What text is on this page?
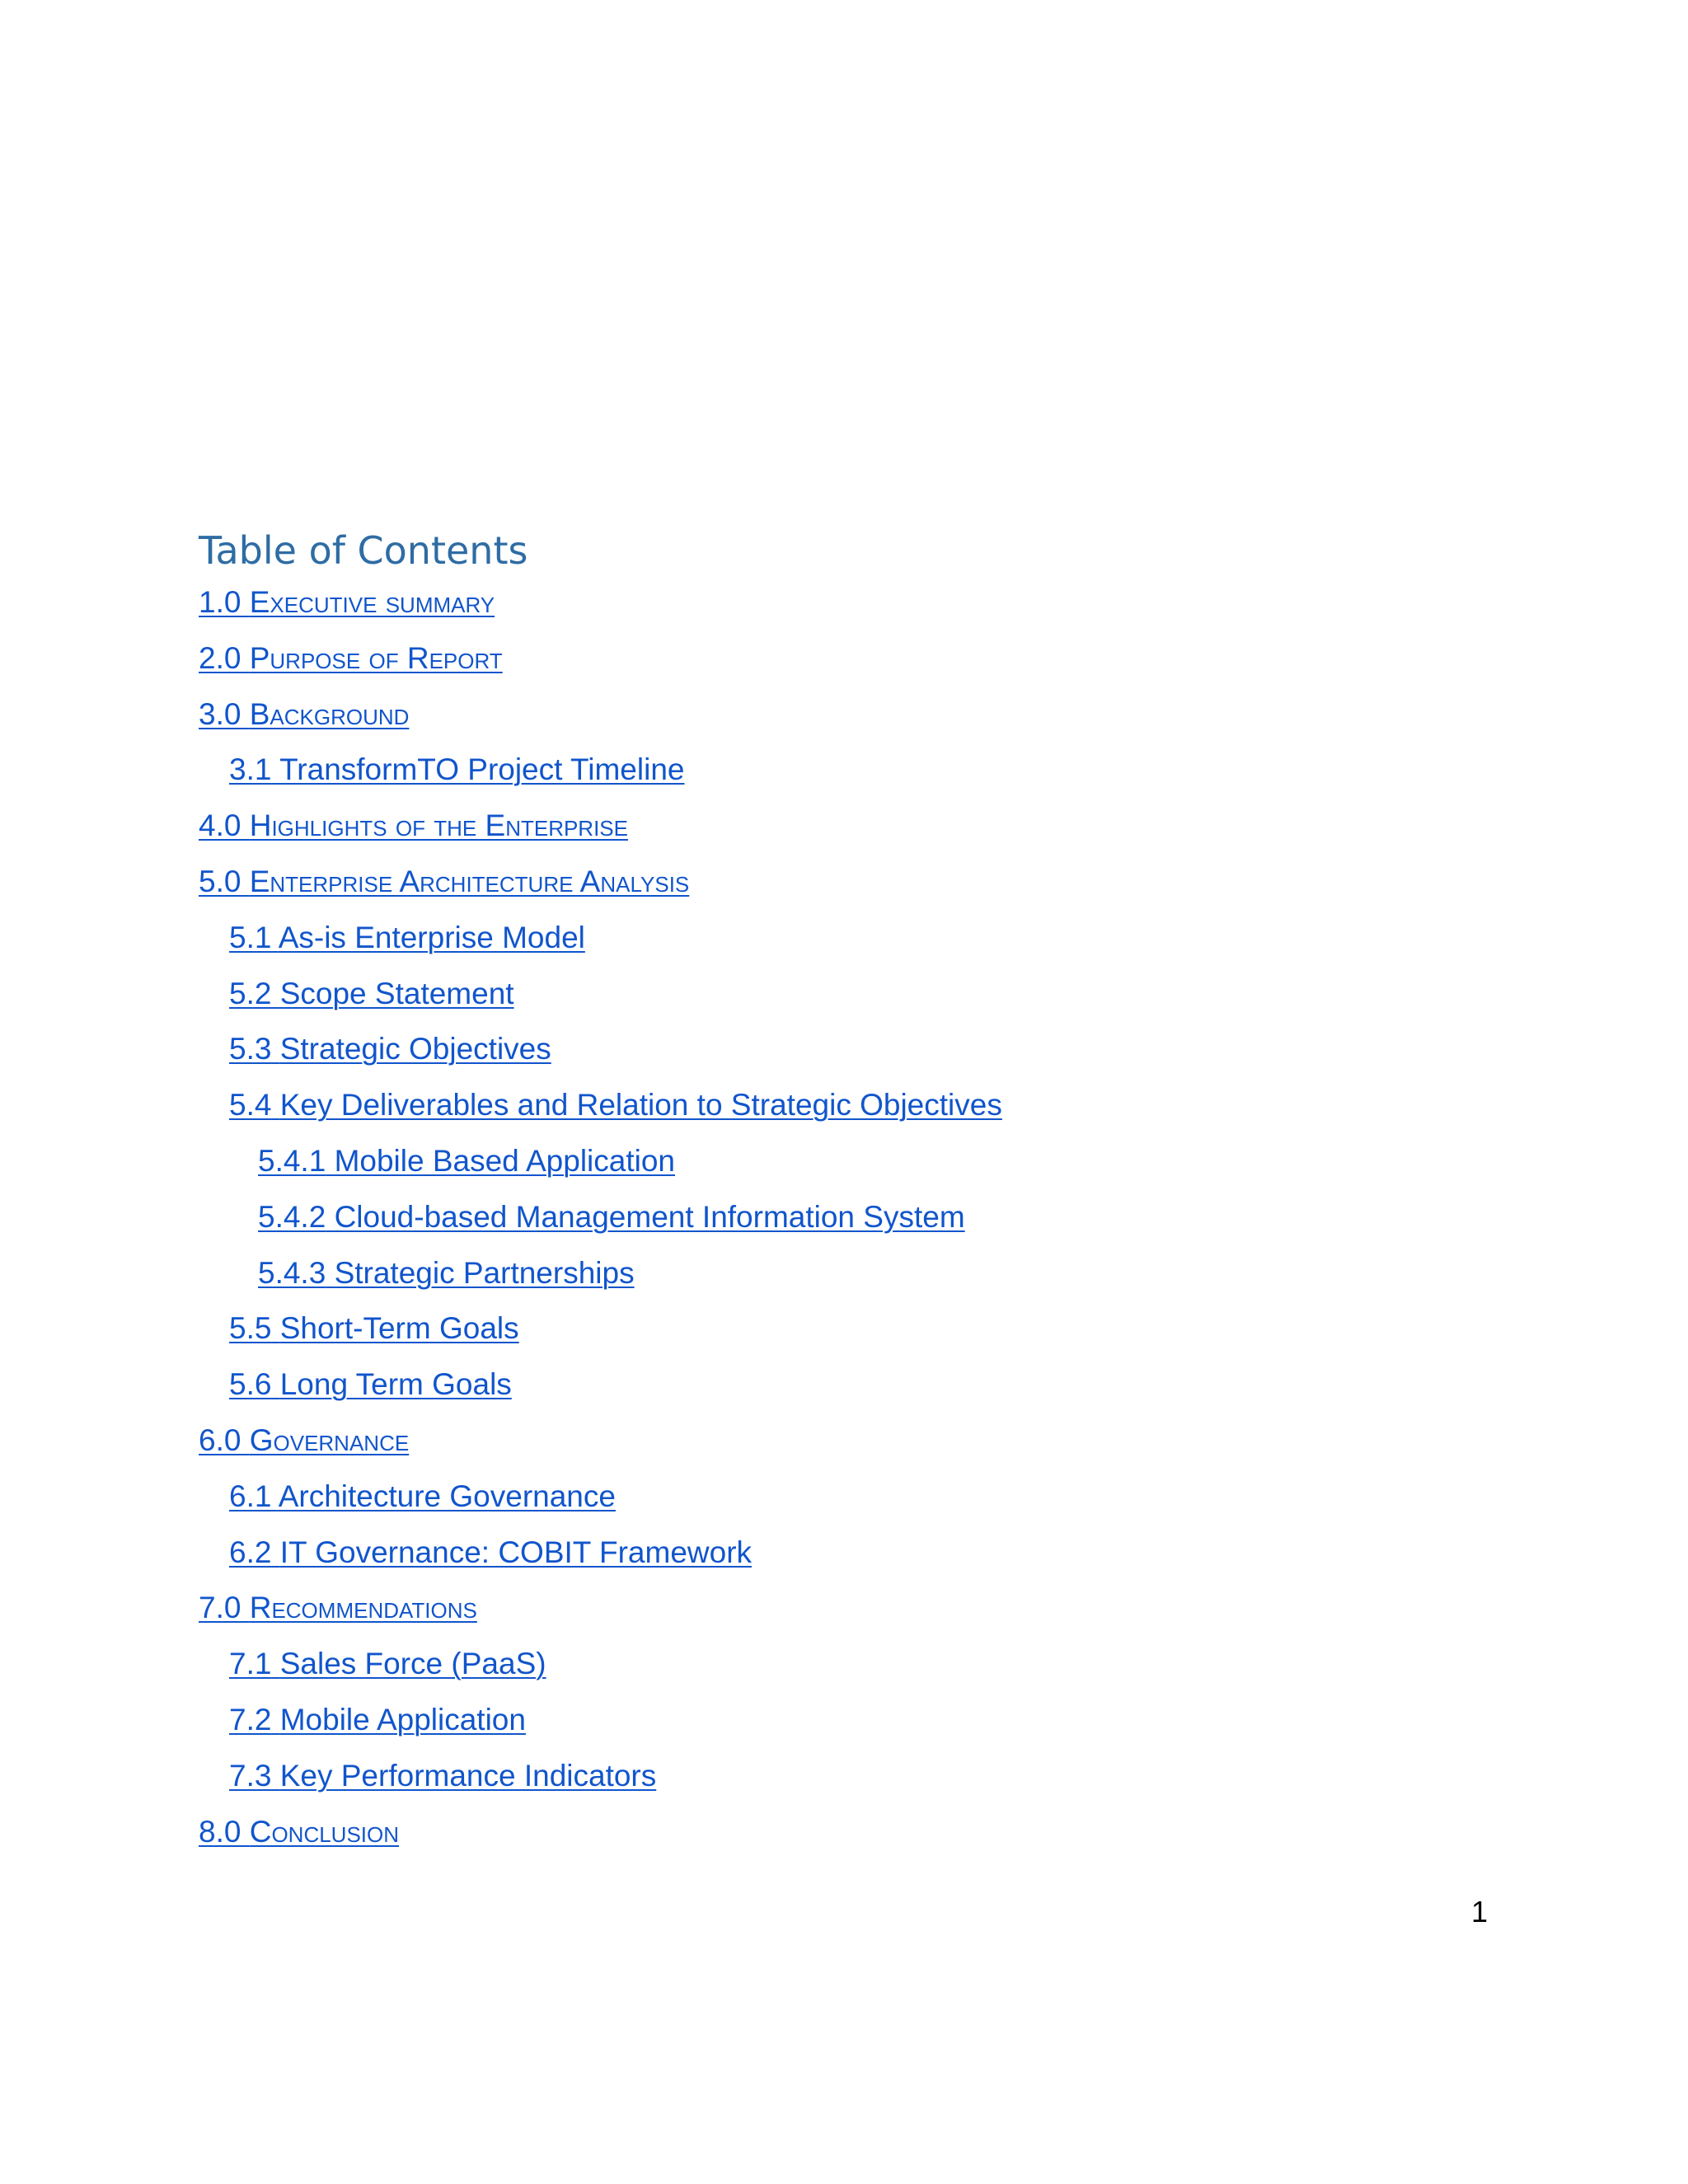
Table of Contents
1.0 Executive summary
2.0 Purpose of Report
3.0 Background
3.1 TransformTO Project Timeline
4.0 Highlights of the Enterprise
5.0 Enterprise Architecture Analysis
5.1 As-is Enterprise Model
5.2 Scope Statement
5.3 Strategic Objectives
5.4 Key Deliverables and Relation to Strategic Objectives
5.4.1 Mobile Based Application
5.4.2 Cloud-based Management Information System
5.4.3 Strategic Partnerships
5.5 Short-Term Goals
5.6 Long Term Goals
6.0 Governance
6.1 Architecture Governance
6.2 IT Governance: COBIT Framework
7.0 Recommendations
7.1 Sales Force (PaaS)
7.2 Mobile Application
7.3 Key Performance Indicators
8.0 Conclusion
1
